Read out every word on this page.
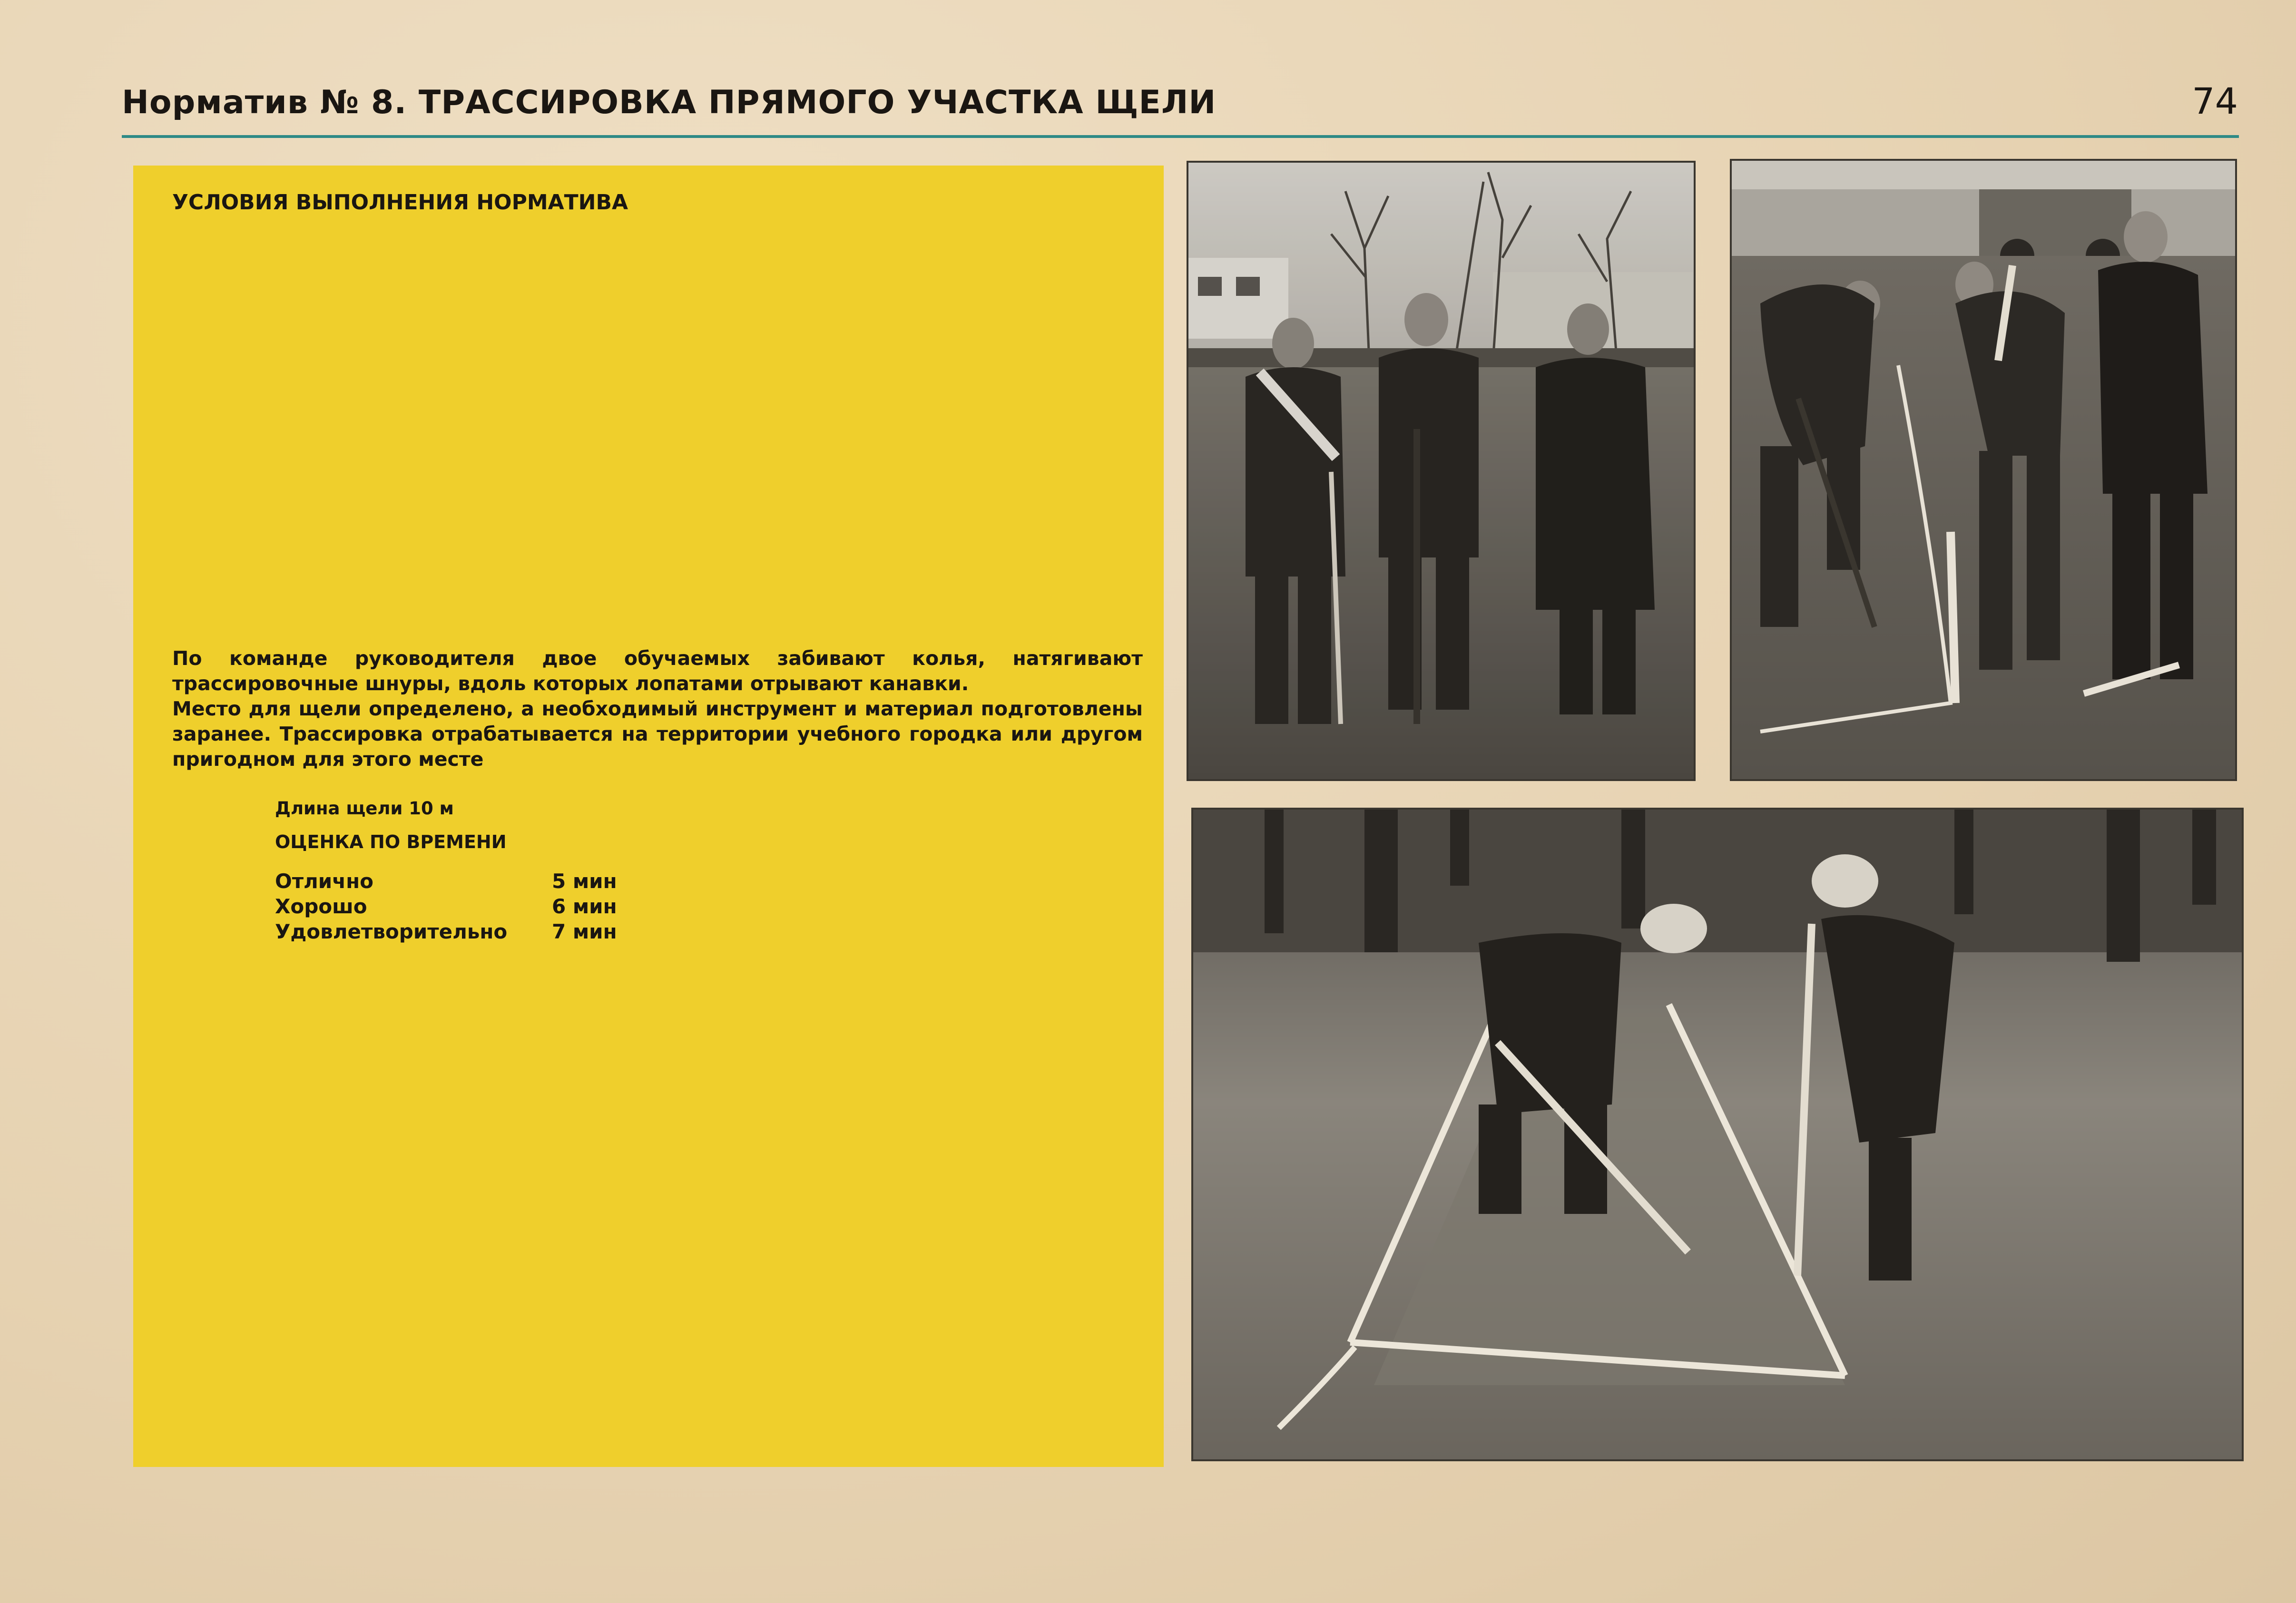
Норматив № 8. ТРАССИРОВКА ПРЯМОГО УЧАСТКА ЩЕЛИ	74
УСЛОВИЯ ВЫПОЛНЕНИЯ НОРМАТИВА

По команде руководителя двое обучаемых забивают колья, натягивают трассировочные шнуры, вдоль которых лопатами отрывают канавки.

Место для щели определено, а необходимый инструмент и материал подготовлены заранее. Трассировка отрабатывается на территории учебного городка или другом пригодном для этого месте

Длина щели 10 м
ОЦЕНКА ПО ВРЕМЕНИ
Отлично	5 мин
Хорошо	6 мин
Удовлетворительно	7 мин
